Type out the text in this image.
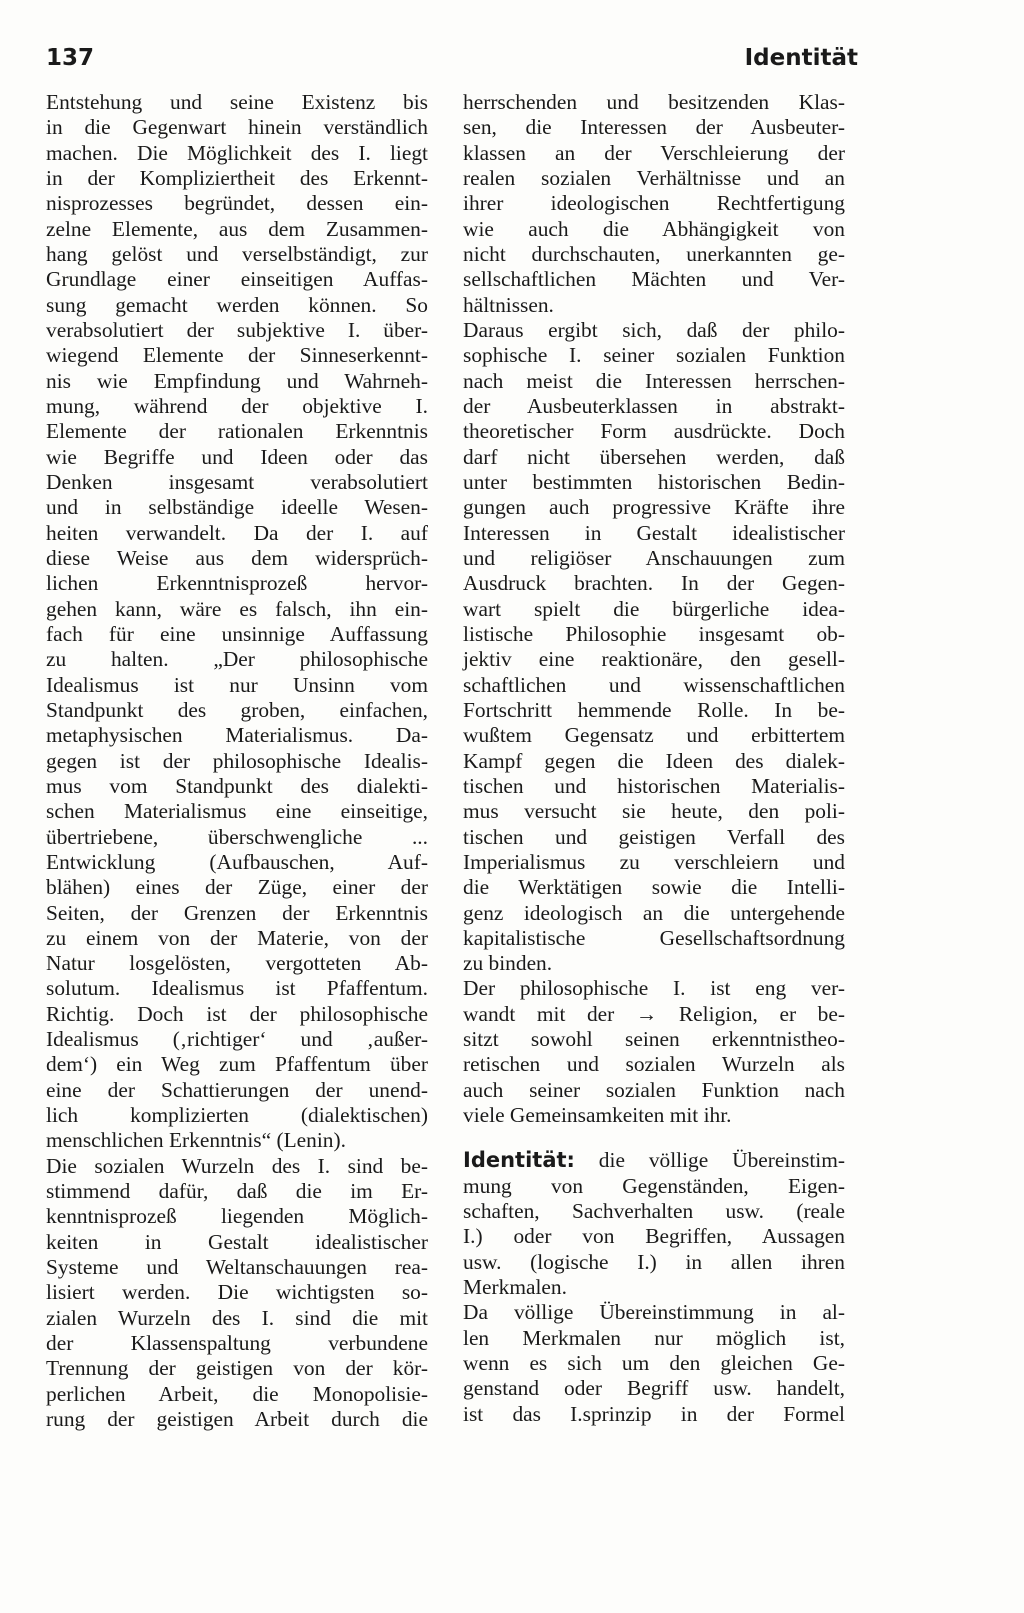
137	Identität
Entstehung und seine Existenz bis
in die Gegenwart hinein verständlich
machen. Die Möglichkeit des I. liegt
in der Kompliziertheit des Erkennt-
nisprozesses begründet, dessen ein-
zelne Elemente, aus dem Zusammen-
hang gelöst und verselbständigt, zur
Grundlage einer einseitigen Auffas-
sung gemacht werden können. So
verabsolutiert der subjektive I. über-
wiegend Elemente der Sinneserkennt-
nis wie Empfindung und Wahrneh-
mung, während der objektive I.
Elemente der rationalen Erkenntnis
wie Begriffe und Ideen oder das
Denken insgesamt verabsolutiert
und in selbständige ideelle Wesen-
heiten verwandelt. Da der I. auf
diese Weise aus dem widersprüch-
lichen Erkenntnisprozeß hervor-
gehen kann, wäre es falsch, ihn ein-
fach für eine unsinnige Auffassung
zu halten. „Der philosophische
Idealismus ist nur Unsinn vom
Standpunkt des groben, einfachen,
metaphysischen Materialismus. Da-
gegen ist der philosophische Idealis-
mus vom Standpunkt des dialekti-
schen Materialismus eine einseitige,
übertriebene, überschwengliche ...
Entwicklung (Aufbauschen, Auf-
blähen) eines der Züge, einer der
Seiten, der Grenzen der Erkenntnis
zu einem von der Materie, von der
Natur losgelösten, vergotteten Ab-
solutum. Idealismus ist Pfaffentum.
Richtig. Doch ist der philosophische
Idealismus (‚richtiger‘ und ‚außer-
dem‘) ein Weg zum Pfaffentum über
eine der Schattierungen der unend-
lich komplizierten (dialektischen)
menschlichen Erkenntnis“ (Lenin).
Die sozialen Wurzeln des I. sind be-
stimmend dafür, daß die im Er-
kenntnisprozeß liegenden Möglich-
keiten in Gestalt idealistischer
Systeme und Weltanschauungen rea-
lisiert werden. Die wichtigsten so-
zialen Wurzeln des I. sind die mit
der Klassenspaltung verbundene
Trennung der geistigen von der kör-
perlichen Arbeit, die Monopolisie-
rung der geistigen Arbeit durch die
herrschenden und besitzenden Klas-
sen, die Interessen der Ausbeuter-
klassen an der Verschleierung der
realen sozialen Verhältnisse und an
ihrer ideologischen Rechtfertigung
wie auch die Abhängigkeit von
nicht durchschauten, unerkannten ge-
sellschaftlichen Mächten und Ver-
hältnissen.
Daraus ergibt sich, daß der philo-
sophische I. seiner sozialen Funktion
nach meist die Interessen herrschen-
der Ausbeuterklassen in abstrakt-
theoretischer Form ausdrückte. Doch
darf nicht übersehen werden, daß
unter bestimmten historischen Bedin-
gungen auch progressive Kräfte ihre
Interessen in Gestalt idealistischer
und religiöser Anschauungen zum
Ausdruck brachten. In der Gegen-
wart spielt die bürgerliche idea-
listische Philosophie insgesamt ob-
jektiv eine reaktionäre, den gesell-
schaftlichen und wissenschaftlichen
Fortschritt hemmende Rolle. In be-
wußtem Gegensatz und erbittertem
Kampf gegen die Ideen des dialek-
tischen und historischen Materialis-
mus versucht sie heute, den poli-
tischen und geistigen Verfall des
Imperialismus zu verschleiern und
die Werktätigen sowie die Intelli-
genz ideologisch an die untergehende
kapitalistische Gesellschaftsordnung
zu binden.
Der philosophische I. ist eng ver-
wandt mit der → Religion, er be-
sitzt sowohl seinen erkenntnistheo-
retischen und sozialen Wurzeln als
auch seiner sozialen Funktion nach
viele Gemeinsamkeiten mit ihr.
Identität: die völlige Übereinstim-
mung von Gegenständen, Eigen-
schaften, Sachverhalten usw. (reale
I.) oder von Begriffen, Aussagen
usw. (logische I.) in allen ihren
Merkmalen.
Da völlige Übereinstimmung in al-
len Merkmalen nur möglich ist,
wenn es sich um den gleichen Ge-
genstand oder Begriff usw. handelt,
ist das I.sprinzip in der Formel
